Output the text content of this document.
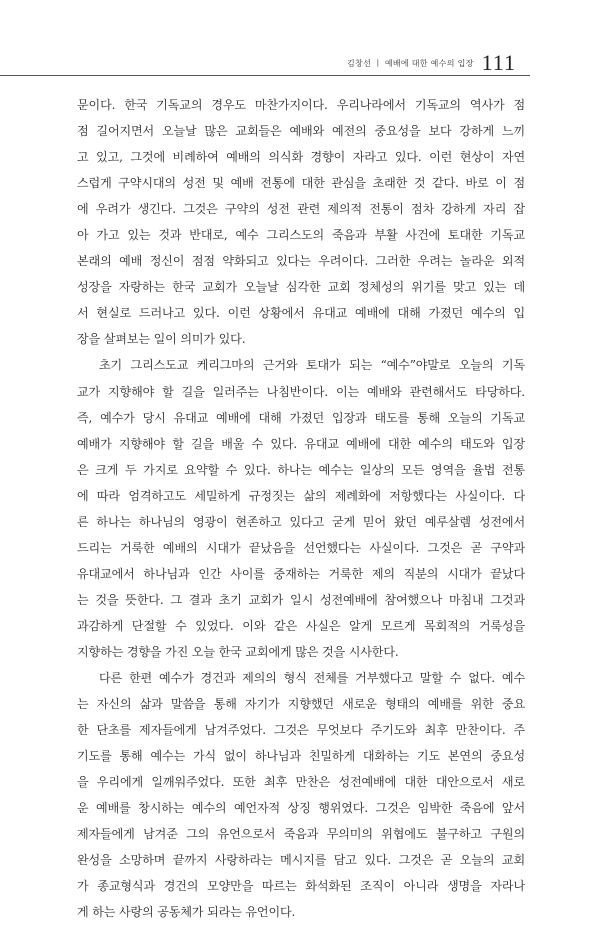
김창선 ㅣ 예배에 대한 예수의 입장 111
문이다. 한국 기독교의 경우도 마찬가지이다. 우리나라에서 기독교의 역사가 점
점 길어지면서 오늘날 많은 교회들은 예배와 예전의 중요성을 보다 강하게 느끼
고 있고, 그것에 비례하여 예배의 의식화 경향이 자라고 있다. 이런 현상이 자연
스럽게 구약시대의 성전 및 예배 전통에 대한 관심을 초래한 것 같다. 바로 이 점
에 우려가 생긴다. 그것은 구약의 성전 관련 제의적 전통이 점차 강하게 자리 잡
아 가고 있는 것과 반대로, 예수 그리스도의 죽음과 부활 사건에 토대한 기독교
본래의 예배 정신이 점점 약화되고 있다는 우려이다. 그러한 우려는 놀라운 외적
성장을 자랑하는 한국 교회가 오늘날 심각한 교회 정체성의 위기를 맞고 있는 데
서 현실로 드러나고 있다. 이런 상황에서 유대교 예배에 대해 가졌던 예수의 입
장을 살펴보는 일이 의미가 있다.
초기 그리스도교 케리그마의 근거와 토대가 되는 “예수”야말로 오늘의 기독
교가 지향해야 할 길을 일러주는 나침반이다. 이는 예배와 관련해서도 타당하다.
즉, 예수가 당시 유대교 예배에 대해 가졌던 입장과 태도를 통해 오늘의 기독교
예배가 지향해야 할 길을 배울 수 있다. 유대교 예배에 대한 예수의 태도와 입장
은 크게 두 가지로 요약할 수 있다. 하나는 예수는 일상의 모든 영역을 율법 전통
에 따라 엄격하고도 세밀하게 규정짓는 삶의 제례화에 저항했다는 사실이다. 다
른 하나는 하나님의 영광이 현존하고 있다고 굳게 믿어 왔던 예루살렘 성전에서
드리는 거룩한 예배의 시대가 끝났음을 선언했다는 사실이다. 그것은 곧 구약과
유대교에서 하나님과 인간 사이를 중재하는 거룩한 제의 직분의 시대가 끝났다
는 것을 뜻한다. 그 결과 초기 교회가 일시 성전예배에 참여했으나 마침내 그것과
과감하게 단절할 수 있었다. 이와 같은 사실은 알게 모르게 목회적의 거룩성을
지향하는 경향을 가진 오늘 한국 교회에게 많은 것을 시사한다.
다른 한편 예수가 경건과 제의의 형식 전체를 거부했다고 말할 수 없다. 예수
는 자신의 삶과 말씀을 통해 자기가 지향했던 새로운 형태의 예배를 위한 중요
한 단초를 제자들에게 남겨주었다. 그것은 무엇보다 주기도와 최후 만찬이다. 주
기도를 통해 예수는 가식 없이 하나님과 친밀하게 대화하는 기도 본연의 중요성
을 우리에게 일깨워주었다. 또한 최후 만찬은 성전예배에 대한 대안으로서 새로
운 예배를 창시하는 예수의 예언자적 상징 행위였다. 그것은 임박한 죽음에 앞서
제자들에게 남겨준 그의 유언으로서 죽음과 무의미의 위협에도 불구하고 구원의
완성을 소망하며 끝까지 사랑하라는 메시지를 담고 있다. 그것은 곧 오늘의 교회
가 종교형식과 경건의 모양만을 따르는 화석화된 조직이 아니라 생명을 자라나
게 하는 사랑의 공동체가 되라는 유언이다.
